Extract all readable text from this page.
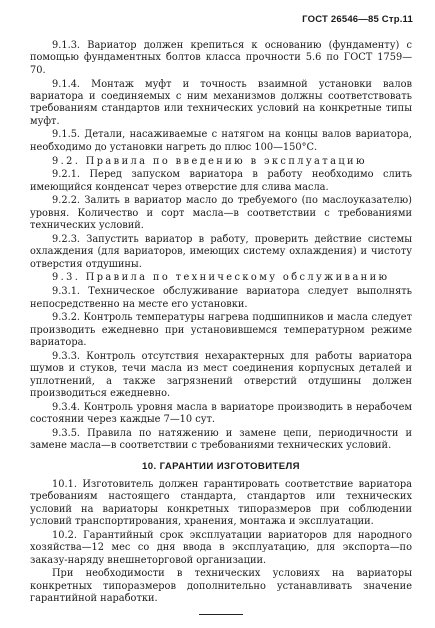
ГОСТ 26546—85 Стр.11

9.1.3. Вариатор должен крепиться к основанию (фундаменту) с помощью фундаментных болтов класса прочности 5.6 по ГОСТ 1759—70.

9.1.4. Монтаж муфт и точность взаимной установки валов вариатора и соединяемых с ним механизмов должны соответствовать требованиям стандартов или технических условий на конкретные типы муфт.

9.1.5. Детали, насаживаемые с натягом на концы валов вариатора, необходимо до установки нагреть до плюс 100—150°С.

9.2. Правила по введению в эксплуатацию

9.2.1. Перед запуском вариатора в работу необходимо слить имеющийся конденсат через отверстие для слива масла.

9.2.2. Залить в вариатор масло до требуемого (по маслоуказателю) уровня. Количество и сорт масла—в соответствии с требованиями технических условий.

9.2.3. Запустить вариатор в работу, проверить действие системы охлаждения (для вариаторов, имеющих систему охлаждения) и чистоту отверстия отдушины.

9.3. Правила по техническому обслуживанию

9.3.1. Техническое обслуживание вариатора следует выполнять непосредственно на месте его установки.

9.3.2. Контроль температуры нагрева подшипников и масла следует производить ежедневно при установившемся температурном режиме вариатора.

9.3.3. Контроль отсутствия нехарактерных для работы вариатора шумов и стуков, течи масла из мест соединения корпусных деталей и уплотнений, а также загрязнений отверстий отдушины должен производиться ежедневно.

9.3.4. Контроль уровня масла в вариаторе производить в нерабочем состоянии через каждые 7—10 сут.

9.3.5. Правила по натяжению и замене цепи, периодичности и замене масла—в соответствии с требованиями технических условий.

10. ГАРАНТИИ ИЗГОТОВИТЕЛЯ

10.1. Изготовитель должен гарантировать соответствие вариатора требованиям настоящего стандарта, стандартов или технических условий на вариаторы конкретных типоразмеров при соблюдении условий транспортирования, хранения, монтажа и эксплуатации.

10.2. Гарантийный срок эксплуатации вариаторов для народного хозяйства—12 мес со дня ввода в эксплуатацию, для экспорта—по заказу-наряду внешнеторговой организации.

При необходимости в технических условиях на вариаторы конкретных типоразмеров дополнительно устанавливать значение гарантийной наработки.
